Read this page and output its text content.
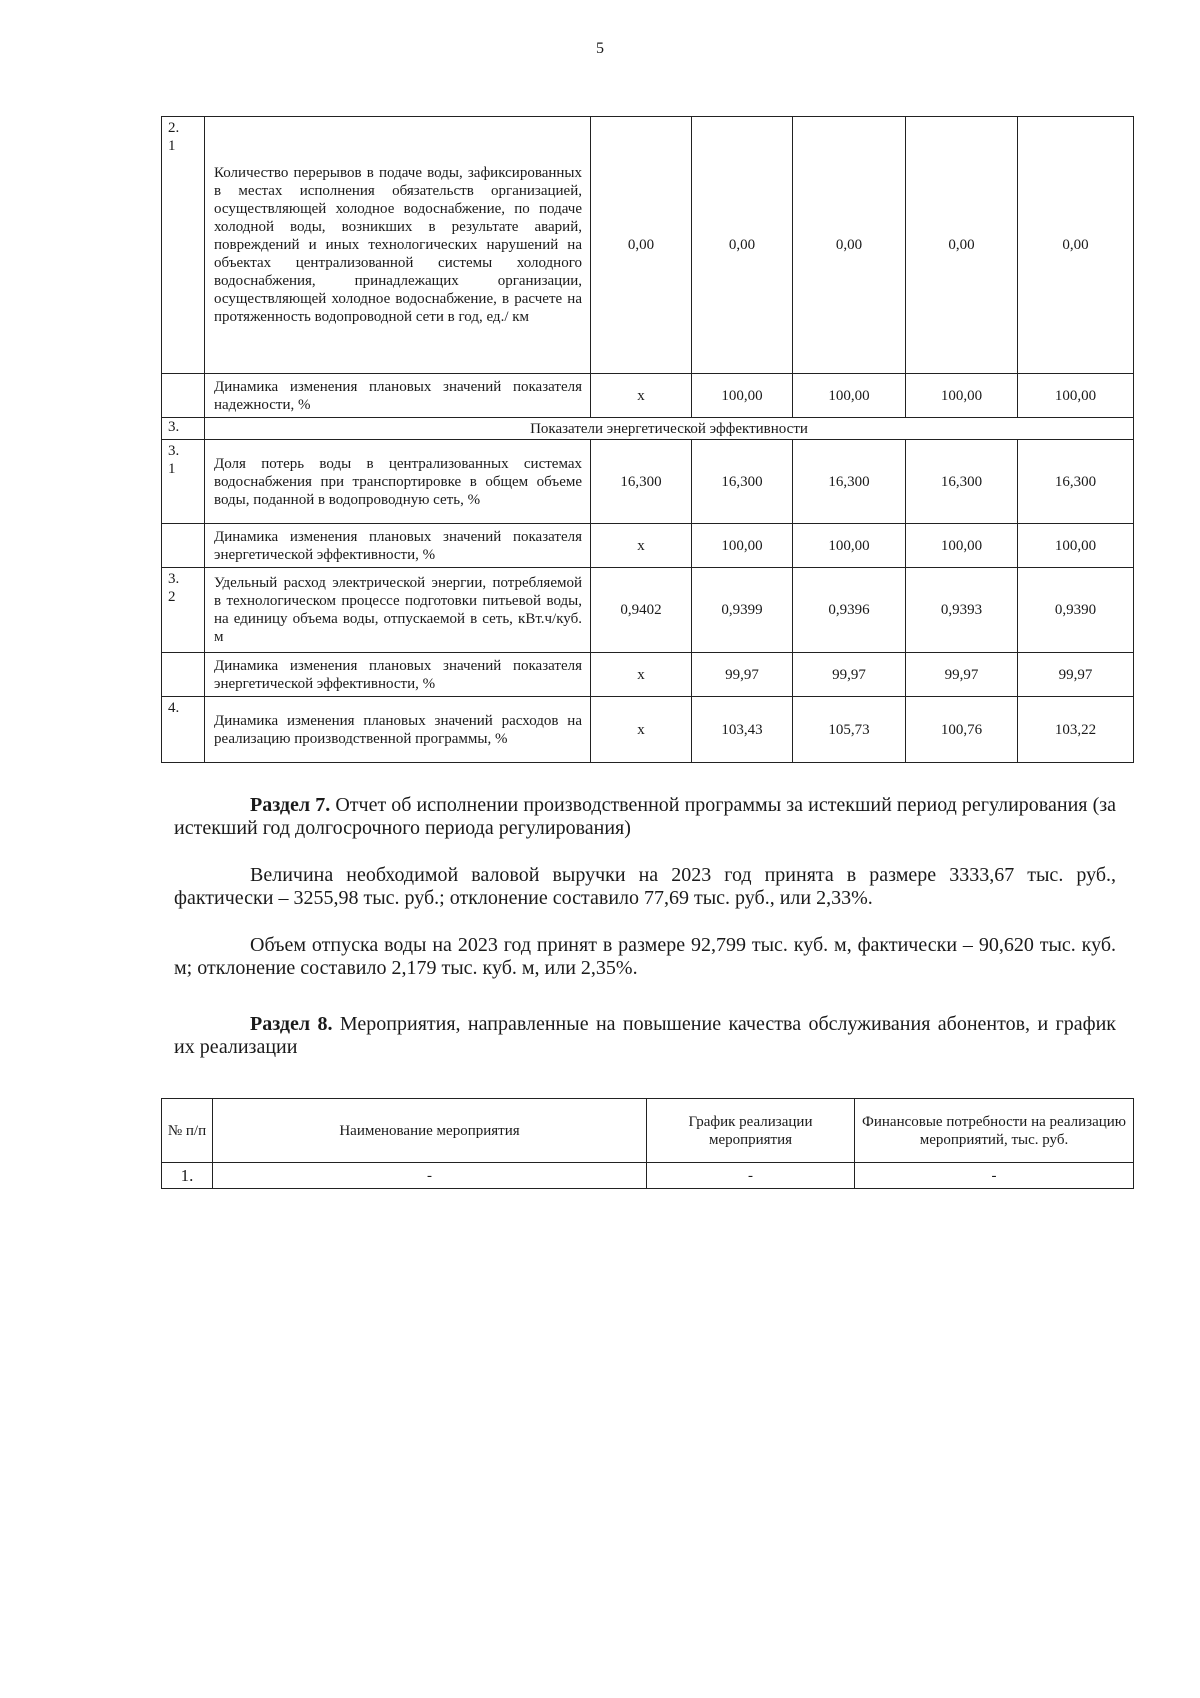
5
2.
1	Количество перерывов в подаче воды, зафиксированных в местах исполнения обязательств организацией, осуществляющей холодное водоснабжение, по подаче холодной воды, возникших в результате аварий, повреждений и иных технологических нарушений на объектах централизованной системы холодного водоснабжения, принадлежащих организации, осуществляющей холодное водоснабжение, в расчете на протяженность водопроводной сети в год, ед./ км	0,00	0,00	0,00	0,00	0,00
	Динамика изменения плановых значений показателя надежности, %	х	100,00	100,00	100,00	100,00
3.	Показатели энергетической эффективности					
3.
1	Доля потерь воды в централизованных системах водоснабжения при транспортировке в общем объеме воды, поданной в водопроводную сеть, %	16,300	16,300	16,300	16,300	16,300
	Динамика изменения плановых значений показателя энергетической эффективности, %	х	100,00	100,00	100,00	100,00
3.
2	Удельный расход электрической энергии, потребляемой в технологическом процессе подготовки питьевой воды, на единицу объема воды, отпускаемой в сеть, кВт.ч/куб. м	0,9402	0,9399	0,9396	0,9393	0,9390
	Динамика изменения плановых значений показателя энергетической эффективности, %	х	99,97	99,97	99,97	99,97
4.	Динамика изменения плановых значений расходов на реализацию производственной программы, %	х	103,43	105,73	100,76	103,22
Раздел 7. Отчет об исполнении производственной программы за истекший период регулирования (за истекший год долгосрочного периода регулирования)
Величина необходимой валовой выручки на 2023 год принята в размере 3333,67 тыс. руб., фактически – 3255,98 тыс. руб.; отклонение составило 77,69 тыс. руб., или 2,33%.
Объем отпуска воды на 2023 год принят в размере 92,799 тыс. куб. м, фактически – 90,620 тыс. куб. м; отклонение составило 2,179 тыс. куб. м, или 2,35%.
Раздел 8. Мероприятия, направленные на повышение качества обслуживания абонентов, и график их реализации
№ п/п	Наименование мероприятия	График реализации мероприятия	Финансовые потребности на реализацию мероприятий, тыс. руб.
1.	-	-	-
